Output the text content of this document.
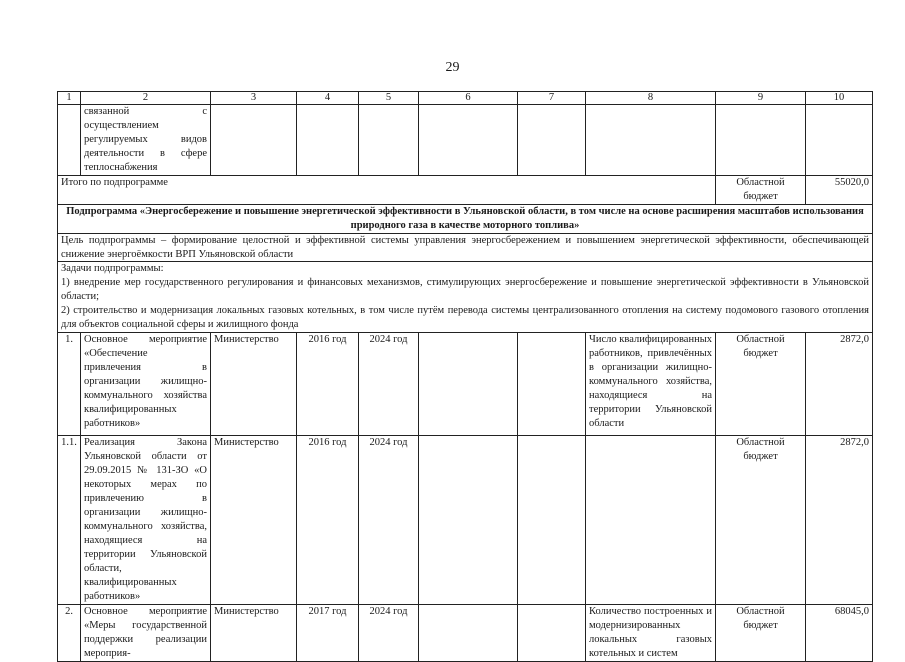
29
1	2	3	4	5	6	7	8	9	10
	связанной с осуществлением регулируемых видов деятельности в сфере теплоснабжения								
Итого по подпрограмме								Областной бюджет	55020,0
Подпрограмма «Энергосбережение и повышение энергетической эффективности в Ульяновской области, в том числе на основе расширения масштабов использования природного газа в качестве моторного топлива»									
Цель подпрограммы – формирование целостной и эффективной системы управления энергосбережением и повышением энергетической эффективности, обеспечивающей снижение энергоёмкости ВРП Ульяновской области									

Задачи подпрограммы:
1) внедрение мер государственного регулирования и финансовых механизмов, стимулирующих энергосбережение и повышение энергетической эффективности в Ульяновской области;
2) строительство и модернизация локальных газовых котельных, в том числе путём перевода системы централизованного отопления на систему подомового газового отопления для объектов социальной сферы и жилищного фонда									

1.	Основное мероприятие «Обеспечение привлечения в организации жилищно-коммунального хозяйства квалифицированных работников»	Министерство	2016 год	2024 год			Число квалифицированных работников, привлечённых в организации жилищно-коммунального хозяйства, находящиеся на территории Ульяновской области	Областной бюджет	2872,0
1.1.	Реализация Закона Ульяновской области от 29.09.2015 № 131-ЗО «О некоторых мерах по привлечению в организации жилищно-коммунального хозяйства, находящиеся на территории Ульяновской области, квалифицированных работников»	Министерство	2016 год	2024 год				Областной бюджет	2872,0
2.	Основное мероприятие «Меры государственной поддержки реализации мероприя-	Министерство	2017 год	2024 год			Количество построенных и модернизированных локальных газовых котельных и систем	Областной бюджет	68045,0
